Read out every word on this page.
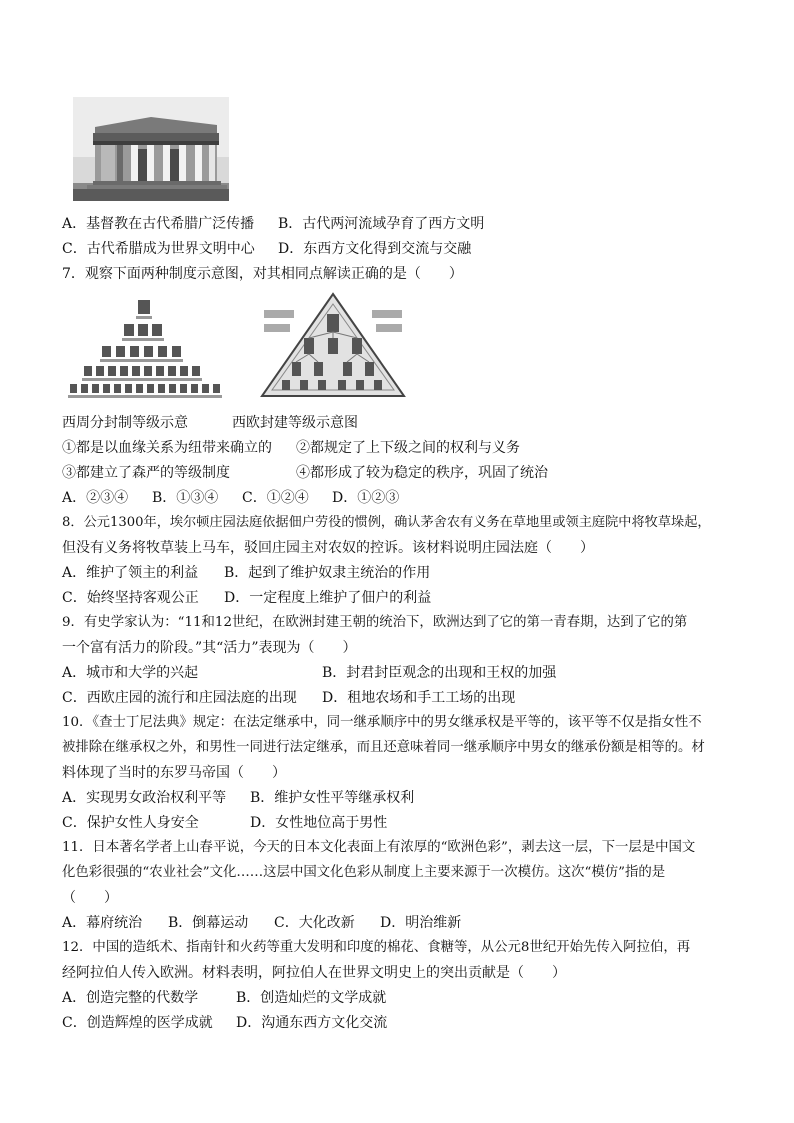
A．基督教在古代希腊广泛传播 B．古代两河流域孕育了西方文明
C．古代希腊成为世界文明中心 D．东西方文化得到交流与交融
7．观察下面两种制度示意图，对其相同点解读正确的是（　　）
西周分封制等级示意	西欧封建等级示意图
①都是以血缘关系为纽带来确立的 ②都规定了上下级之间的权利与义务
③都建立了森严的等级制度	④都形成了较为稳定的秩序，巩固了统治
A．②③④ B．①③④ C．①②④ D．①②③
8．公元1300年，埃尔顿庄园法庭依据佃户劳役的惯例，确认茅舍农有义务在草地里或领主庭院中将牧草垛起，
但没有义务将牧草装上马车，驳回庄园主对农奴的控诉。该材料说明庄园法庭（　　）
A．维护了领主的利益 B．起到了维护奴隶主统治的作用
C．始终坚持客观公正 D．一定程度上维护了佃户的利益
9．有史学家认为：“11和12世纪，在欧洲封建王朝的统治下，欧洲达到了它的第一青春期，达到了它的第
一个富有活力的阶段。”其“活力”表现为（　　）
A．城市和大学的兴起	B．封君封臣观念的出现和王权的加强
C．西欧庄园的流行和庄园法庭的出现 D．租地农场和手工工场的出现
10．《查士丁尼法典》规定：在法定继承中，同一继承顺序中的男女继承权是平等的，该平等不仅是指女性不
被排除在继承权之外，和男性一同进行法定继承，而且还意味着同一继承顺序中男女的继承份额是相等的。材
料体现了当时的东罗马帝国（　　）
A．实现男女政治权利平等 B．维护女性平等继承权利
C．保护女性人身安全	D．女性地位高于男性
11．日本著名学者上山春平说，今天的日本文化表面上有浓厚的“欧洲色彩”，剥去这一层，下一层是中国文
化色彩很强的“农业社会”文化……这层中国文化色彩从制度上主要来源于一次模仿。这次“模仿”指的是
（　　）
A．幕府统治 B．倒幕运动 C．大化改新 D．明治维新
12．中国的造纸术、指南针和火药等重大发明和印度的棉花、食糖等，从公元8世纪开始先传入阿拉伯，再
经阿拉伯人传入欧洲。材料表明，阿拉伯人在世界文明史上的突出贡献是（　　）
A．创造完整的代数学	B．创造灿烂的文学成就
C．创造辉煌的医学成就 D．沟通东西方文化交流
